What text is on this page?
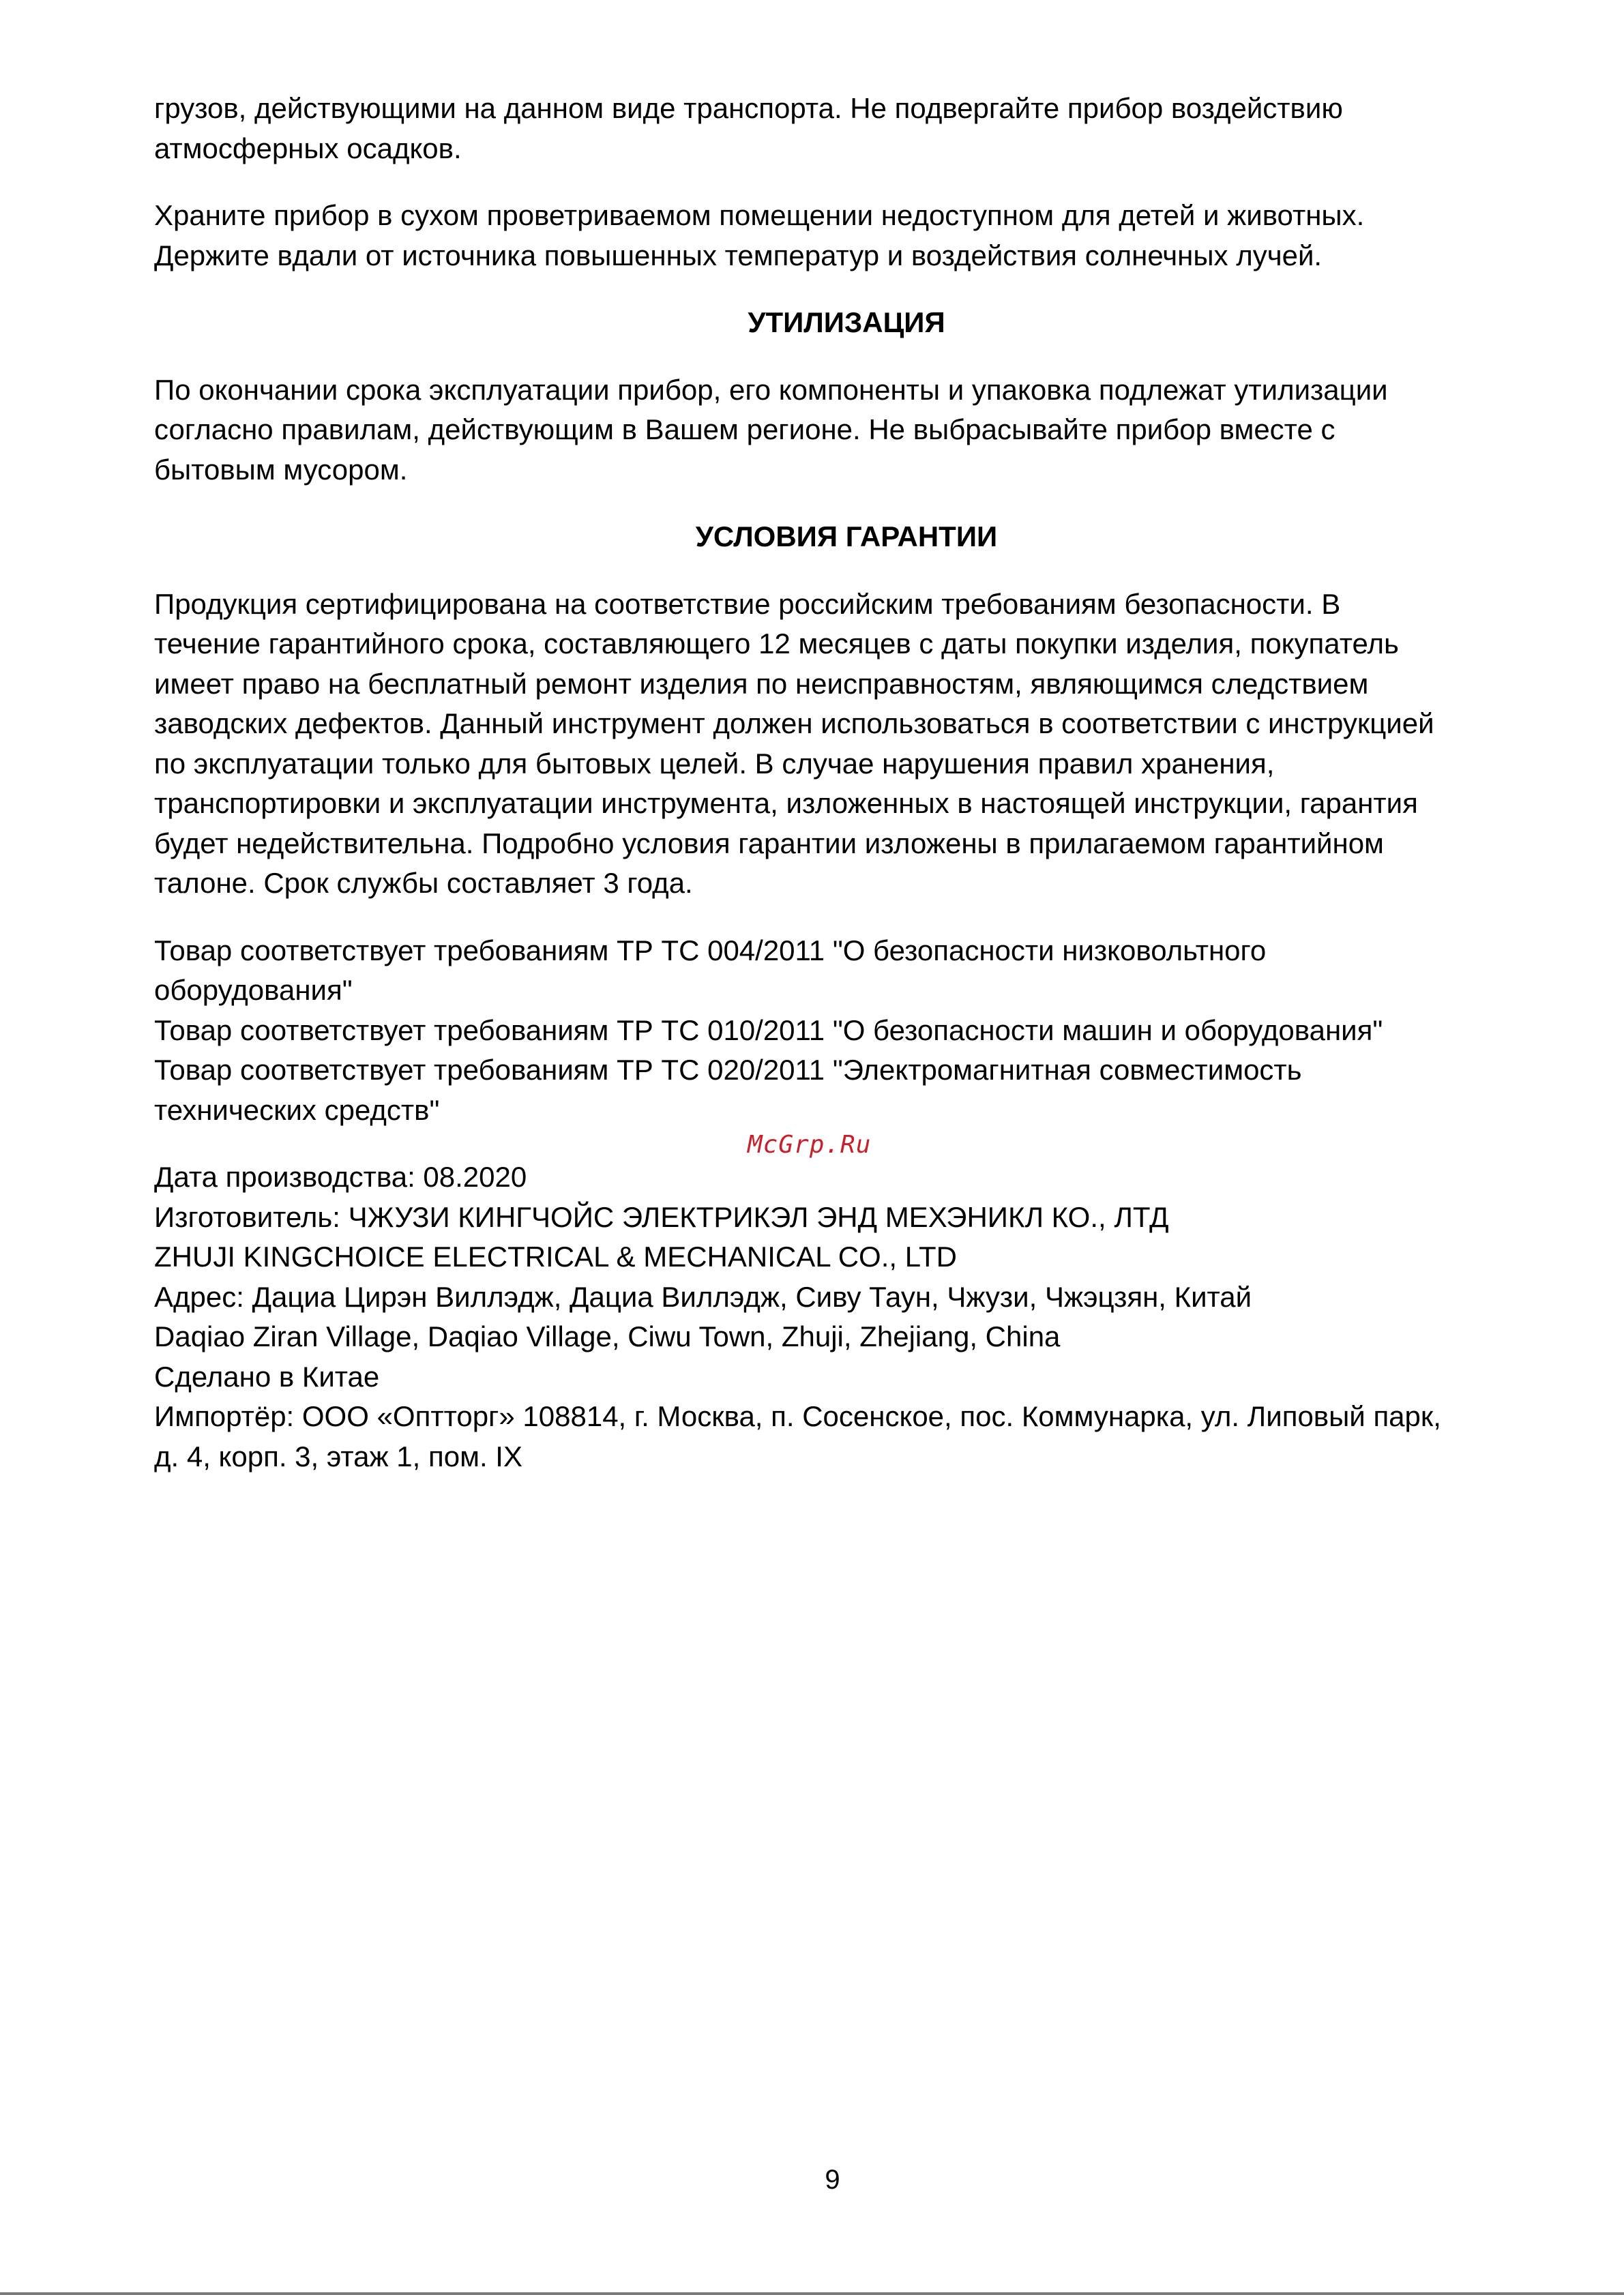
грузов, действующими на данном виде транспорта. Не подвергайте прибор воздействию
атмосферных осадков.

Храните прибор в сухом проветриваемом помещении недоступном для детей и животных.
Держите вдали от источника повышенных температур и воздействия солнечных лучей.

УТИЛИЗАЦИЯ

По окончании срока эксплуатации прибор, его компоненты и упаковка подлежат утилизации
согласно правилам, действующим в Вашем регионе. Не выбрасывайте прибор вместе с
бытовым мусором.

УСЛОВИЯ ГАРАНТИИ

Продукция сертифицирована на соответствие российским требованиям безопасности. В
течение гарантийного срока, составляющего 12 месяцев с даты покупки изделия, покупатель
имеет право на бесплатный ремонт изделия по неисправностям, являющимся следствием
заводских дефектов. Данный инструмент должен использоваться в соответствии с инструкцией
по эксплуатации только для бытовых целей. В случае нарушения правил хранения,
транспортировки и эксплуатации инструмента, изложенных в настоящей инструкции, гарантия
будет недействительна. Подробно условия гарантии изложены в прилагаемом гарантийном
талоне. Срок службы составляет 3 года.

Товар соответствует требованиям ТР ТС 004/2011 "О безопасности низковольтного
оборудования"
Товар соответствует требованиям ТР ТС 010/2011 "О безопасности машин и оборудования"
Товар соответствует требованиям ТР ТС 020/2011 "Электромагнитная совместимость
технических средств"

Дата производства: 08.2020
Изготовитель: ЧЖУЗИ КИНГЧОЙС ЭЛЕКТРИКЭЛ ЭНД МЕХЭНИКЛ КО., ЛТД
ZHUJI KINGCHOICE ELECTRICAL & MECHANICAL CO., LTD
Адрес: Дациа Цирэн Виллэдж, Дациа Виллэдж, Сиву Таун, Чжузи, Чжэцзян, Китай
Daqiao Ziran Village, Daqiao Village, Ciwu Town, Zhuji, Zhejiang, China
Сделано в Китае
Импортёр: ООО «Оптторг» 108814, г. Москва, п. Сосенское, пос. Коммунарка, ул. Липовый парк,
д. 4, корп. 3, этаж 1, пом. IX

McGrp.Ru
9
